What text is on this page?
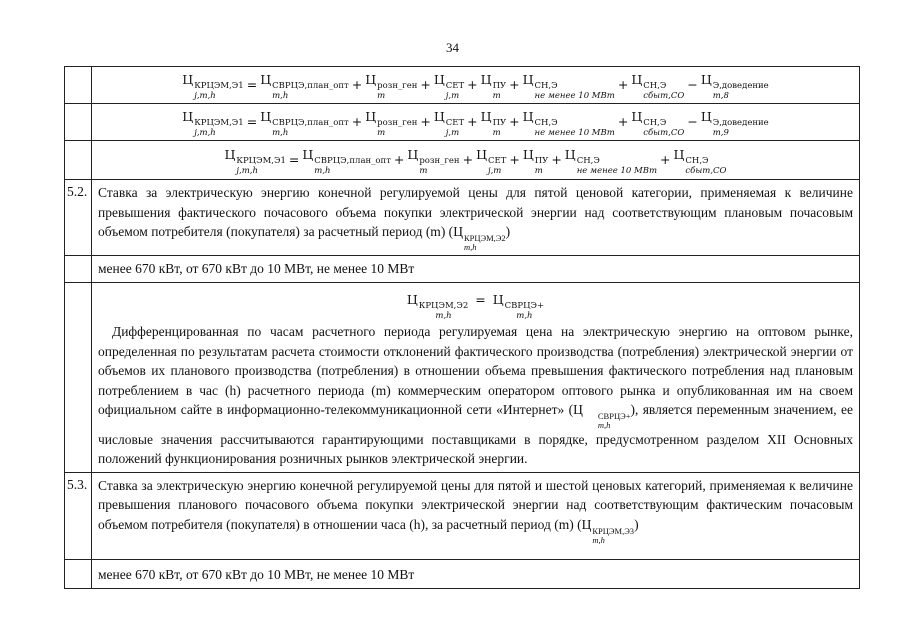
34
Ц КРЦЭМ,Э1
j,m,h
= Ц СВРЦЭ,план_опт
m,h
+ Ц розн_ген
m
+ Ц СЕТ
j,m
+ Ц ПУ
m
+ Ц СН,Э
не менее 10 МВт
+ Ц СН,Э
сбыт,СО
− Ц Э,доведение
m,8
Ц КРЦЭМ,Э1
j,m,h
= Ц СВРЦЭ,план_опт
m,h
+ Ц розн_ген
m
+ Ц СЕТ
j,m
+ Ц ПУ
m
+ Ц СН,Э
не менее 10 МВт
+ Ц СН,Э
сбыт,СО
− Ц Э,доведение
m,9
Ц КРЦЭМ,Э1
j,m,h
= Ц СВРЦЭ,план_опт
m,h
+ Ц розн_ген
m
+ Ц СЕТ
j,m
+ Ц ПУ
m
+ Ц СН,Э
не менее 10 МВт
+ Ц СН,Э
сбыт,СО
5.2. Ставка за электрическую энергию конечной регулируемой цены для пятой ценовой категории, применяемая к величине превышения фактического почасового объема покупки электрической энергии над соответствующим плановым почасовым объемом потребителя (покупателя) за расчетный период (m) (Ц КРЦЭМ,Э2
m,h
)
менее 670 кВт, от 670 кВт до 10 МВт, не менее 10 МВт
Ц КРЦЭМ,Э2
m,h
= Ц СВРЦЭ+
m,h
Дифференцированная по часам расчетного периода регулируемая цена на электрическую энергию на оптовом рынке, определенная по результатам расчета стоимости отклонений фактического производства (потребления) электрической энергии от объемов их планового производства (потребления) в отношении объема превышения фактического потребления над плановым потреблением в час (h) расчетного периода (m) коммерческим оператором оптового рынка и опубликованная им на своем официальном сайте в информационно-телекоммуникационной сети «Интернет» (Ц	СВРЦЭ+
m,h
), является переменным значением, ее числовые значения рассчитываются гарантирующими поставщиками в порядке, предусмотренном разделом XII Основных положений функционирования розничных рынков электрической энергии.
5.3. Ставка за электрическую энергию конечной регулируемой цены для пятой и шестой ценовых категорий, применяемая к величине превышения планового почасового объема покупки электрической энергии над соответствующим фактическим почасовым объемом потребителя (покупателя) в отношении часа (h), за расчетный период (m) (Ц КРЦЭМ,Э3
m,h
)
менее 670 кВт, от 670 кВт до 10 МВт, не менее 10 МВт
